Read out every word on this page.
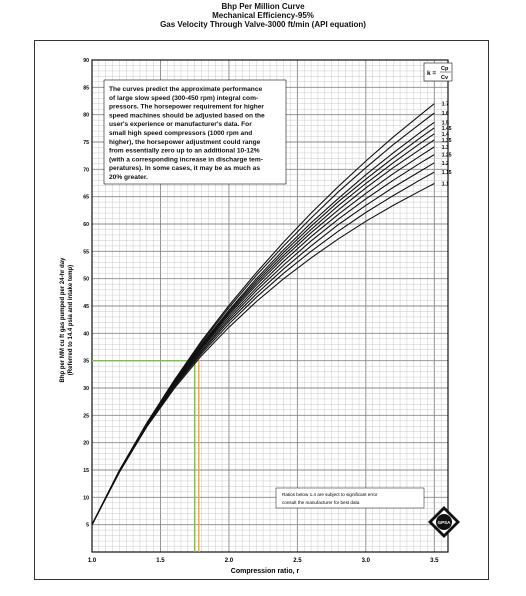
Bhp Per Million Curve
Mechanical Efficiency-95%
Gas Velocity Through Valve-3000 ft/min (API equation)
1.7
1.6
1.5
1.45
1.4
1.35
1.3
1.25
1.2
1.15
1.1
1.0	1.5	2.0	2.5	3.0	3.5
5
10
15
20
25
30
35
40
45
50
55
60
65
70
75
80
85
90
Compression ratio, r
Bhp per MM cu ft gas pumped per 24-hr day (Referred to 14.4 psia and intake temp)
The curves predict the approximate performance
of large slow speed (300-450 rpm) integral com-
pressors. The horsepower requirement for higher
speed machines should be adjusted based on the
user's experience or manufacturer's data. For
small high speed compressors (1000 rpm and
higher), the horsepower adjustment could range
from essentially zero up to an additional 10-12%
(with a corresponding increase in discharge tem-
peratures). In some cases, it may be as much as
20% greater.
k =
Cp
Cv
Ratios below 1.4 are subject to significant error
consult the manufacturer for best data
GPSA
